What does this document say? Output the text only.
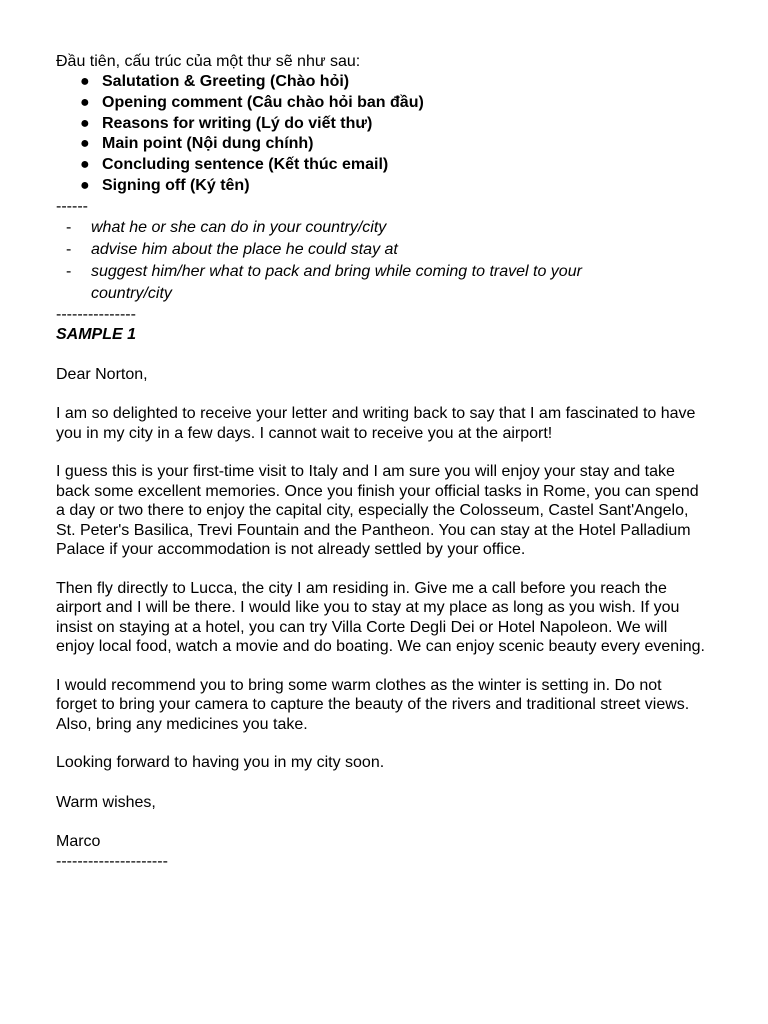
Đầu tiên, cấu trúc của một thư sẽ như sau:

● Salutation & Greeting (Chào hỏi)
● Opening comment (Câu chào hỏi ban đầu)
● Reasons for writing (Lý do viết thư)
● Main point (Nội dung chính)
● Concluding sentence (Kết thúc email)
● Signing off (Ký tên)

------

- what he or she can do in your country/city
- advise him about the place he could stay at
- suggest him/her what to pack and bring while coming to travel to your country/city

---------------

SAMPLE 1

Dear Norton,

I am so delighted to receive your letter and writing back to say that I am fascinated to have you in my city in a few days. I cannot wait to receive you at the airport!

I guess this is your first-time visit to Italy and I am sure you will enjoy your stay and take back some excellent memories. Once you finish your official tasks in Rome, you can spend a day or two there to enjoy the capital city, especially the Colosseum, Castel Sant'Angelo, St. Peter's Basilica, Trevi Fountain and the Pantheon. You can stay at the Hotel Palladium Palace if your accommodation is not already settled by your office.

Then fly directly to Lucca, the city I am residing in. Give me a call before you reach the airport and I will be there. I would like you to stay at my place as long as you wish. If you insist on staying at a hotel, you can try Villa Corte Degli Dei or Hotel Napoleon. We will enjoy local food, watch a movie and do boating. We can enjoy scenic beauty every evening.

I would recommend you to bring some warm clothes as the winter is setting in. Do not forget to bring your camera to capture the beauty of the rivers and traditional street views. Also, bring any medicines you take.

Looking forward to having you in my city soon.

Warm wishes,

Marco

---------------------
